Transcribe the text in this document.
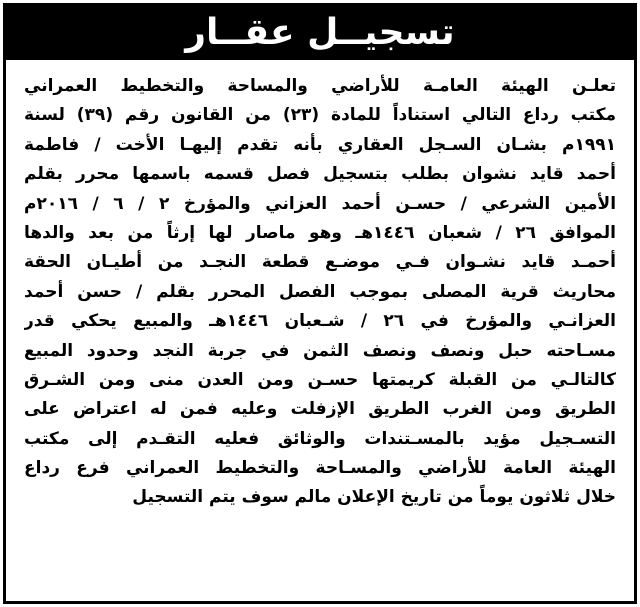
تسجيــل عقــار
تعلـن الهيئة العامـة للأراضي والمساحة والتخطيط العمراني
مكتب رداع التالي استناداً للمادة (٢٣) من القانون رقم (٣٩) لسنة
١٩٩١م بشـان السـجل العقاري بأنه تقدم إليهـا الأخت / فاطمة
أحمد قايد نشوان بطلب بتسجيل فصل قسمه باسمها محرر بقلم
الأمين الشرعي / حسـن أحمد العزاني والمؤرخ ٢ / ٦ / ٢٠١٦م
الموافق ٢٦ / شعبان ١٤٤٦هـ وهو ماصار لها إرثاً من بعد والدها
أحمـد قايد نشـوان فـي موضـع قطعة النجـد من أطيـان الحقة
محاريث قرية المصلى بموجب الفصل المحرر بقلم / حسن أحمد
العزانـي والمؤرخ في ٢٦ / شـعبان ١٤٤٦هـ والمبيع يحكي قدر
مسـاحته حبل ونصف ونصف الثمن في جربة النجد وحدود المبيع
كالتالـي من القبلة كريمتها حسـن ومن العدن منى ومن الشـرق
الطريق ومن الغرب الطريق الإزفلت وعليه فمن له اعتراض على
التسـجيل مؤيد بالمسـتندات والوثائق فعليه التقـدم إلى مكتب
الهيئة العامة للأراضي والمسـاحة والتخطيط العمراني فرع رداع
خلال ثلاثون يوماً من تاريخ الإعلان مالم سوف يتم التسجيل
